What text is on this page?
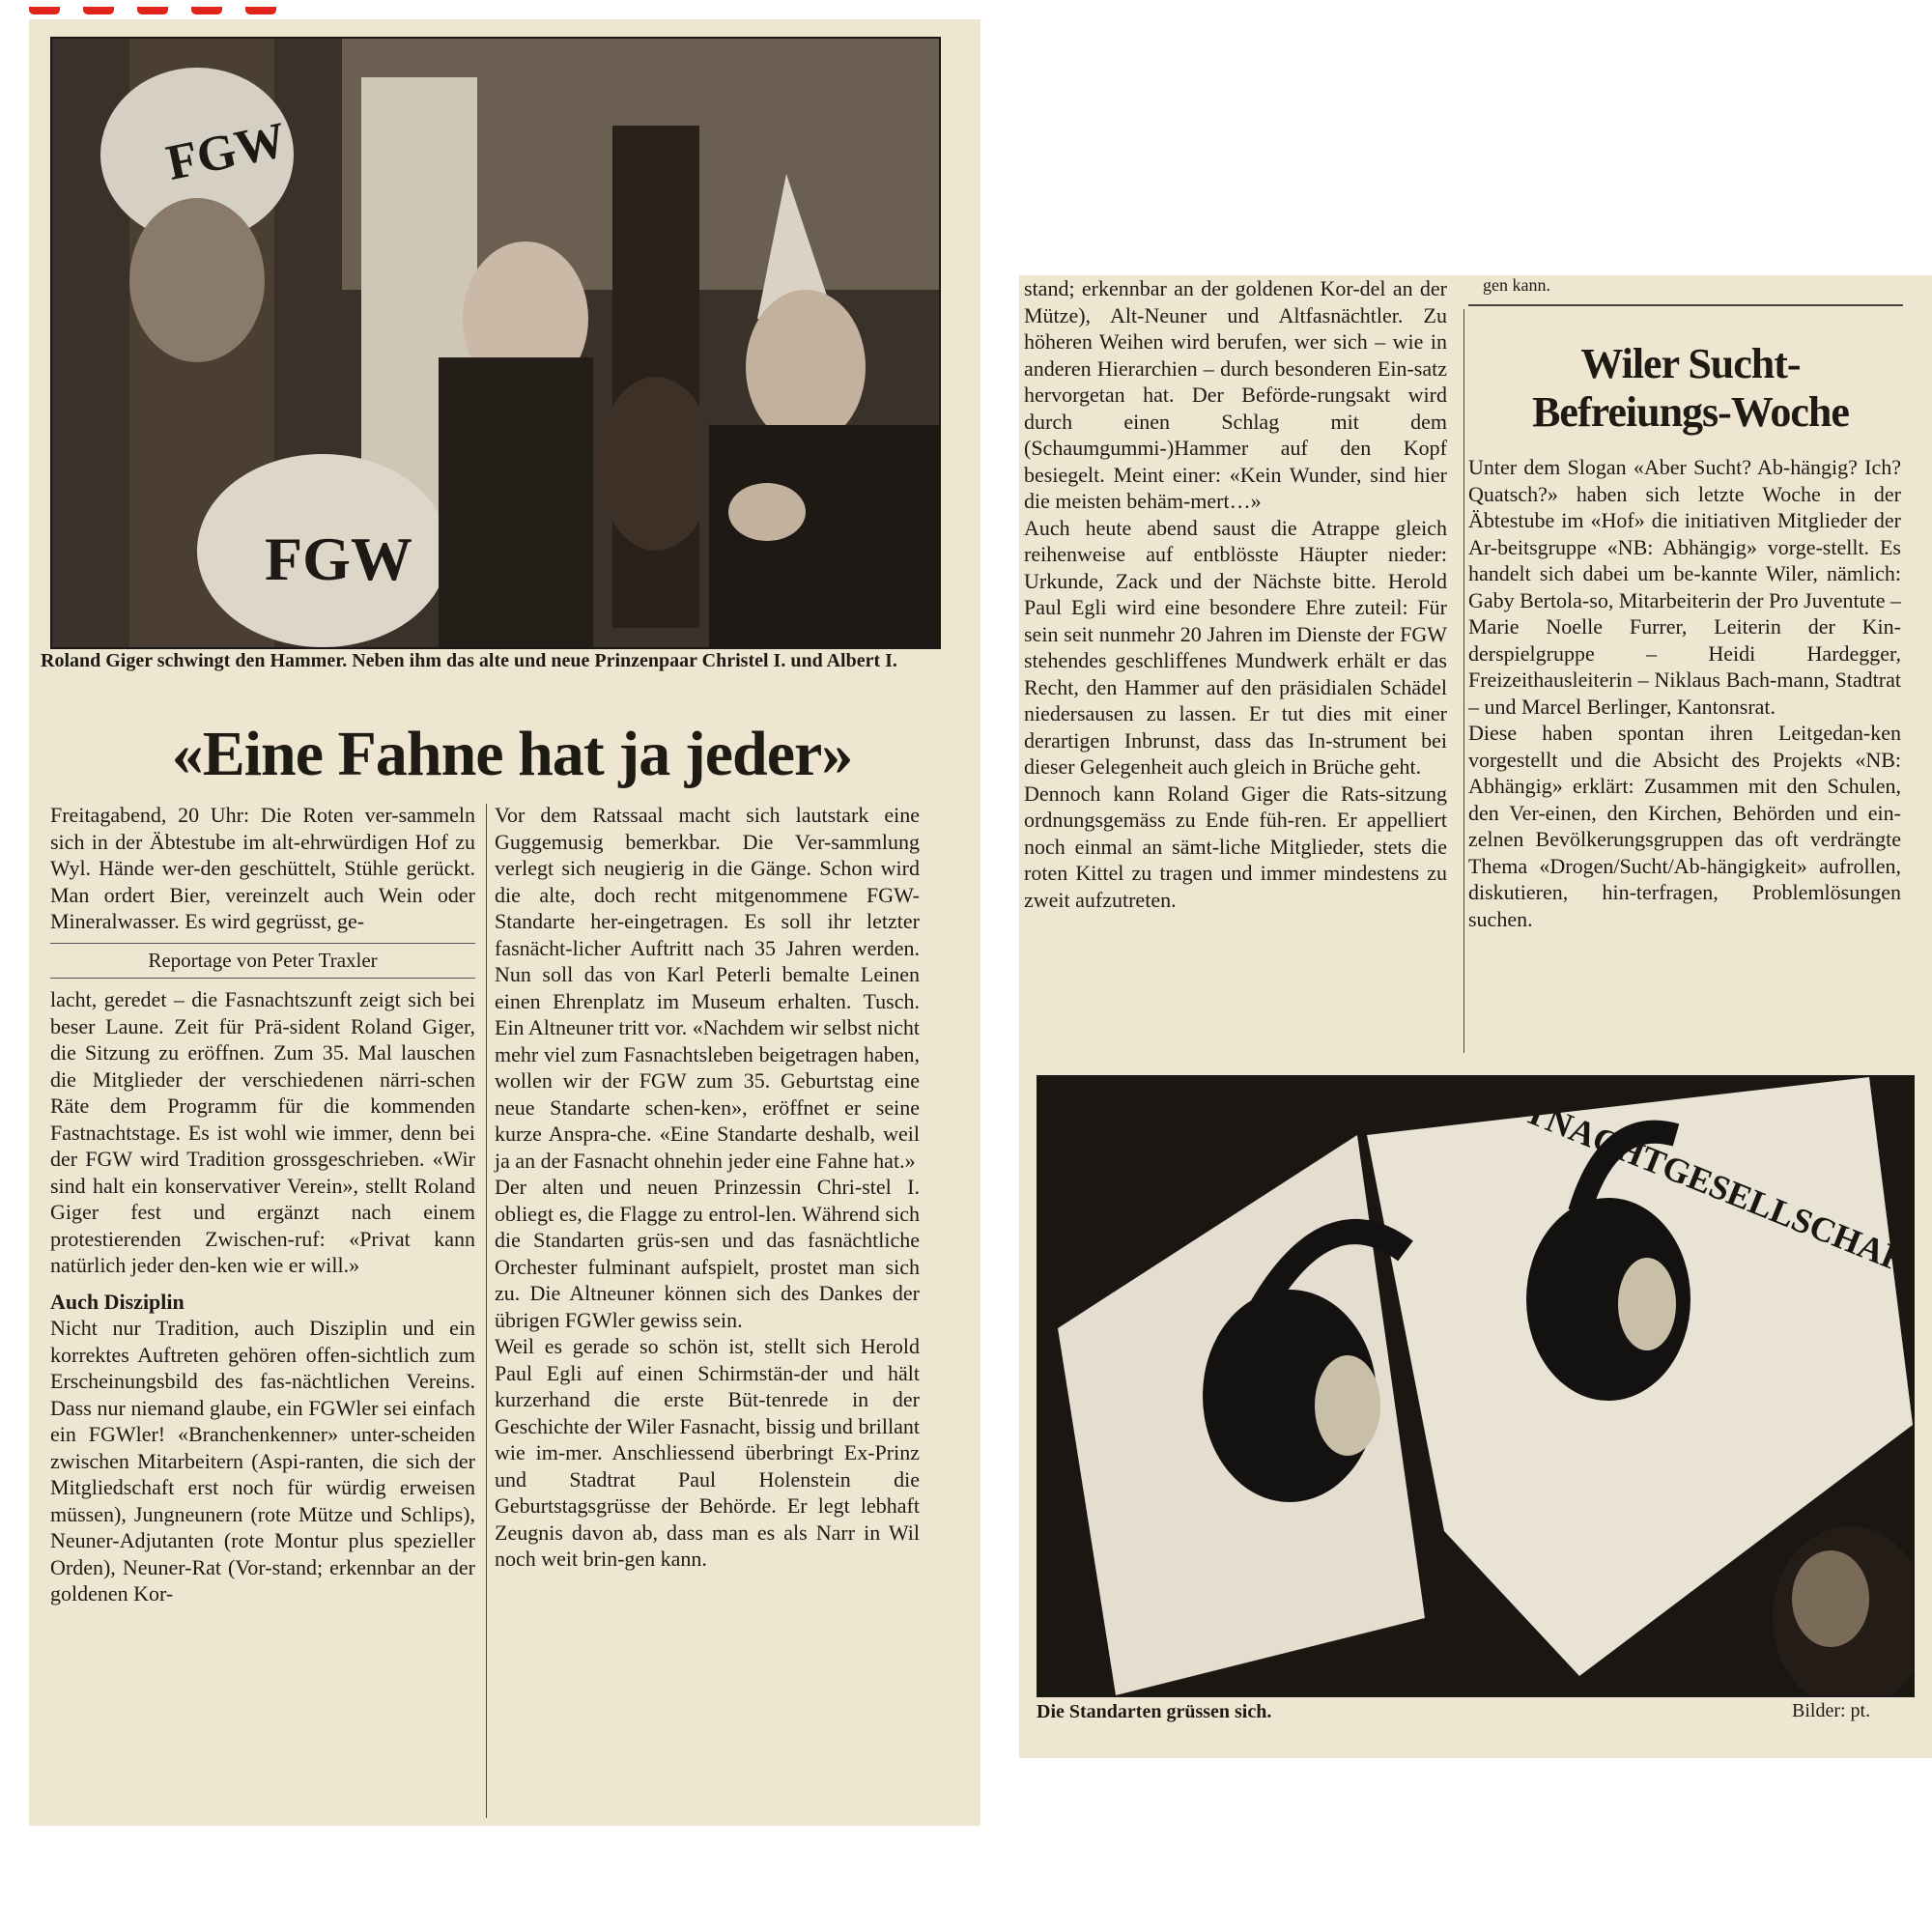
FGW
FGW
Roland Giger schwingt den Hammer. Neben ihm das alte und neue Prinzenpaar Christel I. und Albert I.
«Eine Fahne hat ja jeder»

Freitagabend, 20 Uhr: Die Roten ver-sammeln sich in der Äbtestube im alt-ehrwürdigen Hof zu Wyl. Hände wer-den geschüttelt, Stühle gerückt. Man ordert Bier, vereinzelt auch Wein oder Mineralwasser. Es wird gegrüsst, ge-

Reportage von Peter Traxler

lacht, geredet – die Fasnachtszunft zeigt sich bei beser Laune. Zeit für Prä-sident Roland Giger, die Sitzung zu eröffnen. Zum 35. Mal lauschen die Mitglieder der verschiedenen närri-schen Räte dem Programm für die kommenden Fastnachtstage. Es ist wohl wie immer, denn bei der FGW wird Tradition grossgeschrieben. «Wir sind halt ein konservativer Verein», stellt Roland Giger fest und ergänzt nach einem protestierenden Zwischen-ruf: «Privat kann natürlich jeder den-ken wie er will.»

Auch Disziplin

Nicht nur Tradition, auch Disziplin und ein korrektes Auftreten gehören offen-sichtlich zum Erscheinungsbild des fas-nächtlichen Vereins. Dass nur niemand glaube, ein FGWler sei einfach ein FGWler! «Branchenkenner» unter-scheiden zwischen Mitarbeitern (Aspi-ranten, die sich der Mitgliedschaft erst noch für würdig erweisen müssen), Jungneunern (rote Mütze und Schlips), Neuner-Adjutanten (rote Montur plus spezieller Orden), Neuner-Rat (Vor-stand; erkennbar an der goldenen Kor-

Vor dem Ratssaal macht sich lautstark eine Guggemusig bemerkbar. Die Ver-sammlung verlegt sich neugierig in die Gänge. Schon wird die alte, doch recht mitgenommene FGW-Standarte her-eingetragen. Es soll ihr letzter fasnächt-licher Auftritt nach 35 Jahren werden. Nun soll das von Karl Peterli bemalte Leinen einen Ehrenplatz im Museum erhalten. Tusch. Ein Altneuner tritt vor. «Nachdem wir selbst nicht mehr viel zum Fasnachtsleben beigetragen haben, wollen wir der FGW zum 35. Geburtstag eine neue Standarte schen-ken», eröffnet er seine kurze Anspra-che. «Eine Standarte deshalb, weil ja an der Fasnacht ohnehin jeder eine Fahne hat.»

Der alten und neuen Prinzessin Chri-stel I. obliegt es, die Flagge zu entrol-len. Während sich die Standarten grüs-sen und das fasnächtliche Orchester fulminant aufspielt, prostet man sich zu. Die Altneuner können sich des Dankes der übrigen FGWler gewiss sein.

Weil es gerade so schön ist, stellt sich Herold Paul Egli auf einen Schirmstän-der und hält kurzerhand die erste Büt-tenrede in der Geschichte der Wiler Fasnacht, bissig und brillant wie im-mer. Anschliessend überbringt Ex-Prinz und Stadtrat Paul Holenstein die Geburtstagsgrüsse der Behörde. Er legt lebhaft Zeugnis davon ab, dass man es als Narr in Wil noch weit brin-gen kann.

stand; erkennbar an der goldenen Kor-del an der Mütze), Alt-Neuner und Altfasnächtler. Zu höheren Weihen wird berufen, wer sich – wie in anderen Hierarchien – durch besonderen Ein-satz hervorgetan hat. Der Beförde-rungsakt wird durch einen Schlag mit dem (Schaumgummi-)Hammer auf den Kopf besiegelt. Meint einer: «Kein Wunder, sind hier die meisten behäm-mert…»

Auch heute abend saust die Atrappe gleich reihenweise auf entblösste Häupter nieder: Urkunde, Zack und der Nächste bitte. Herold Paul Egli wird eine besondere Ehre zuteil: Für sein seit nunmehr 20 Jahren im Dienste der FGW stehendes geschliffenes Mundwerk erhält er das Recht, den Hammer auf den präsidialen Schädel niedersausen zu lassen. Er tut dies mit einer derartigen Inbrunst, dass das In-strument bei dieser Gelegenheit auch gleich in Brüche geht.

Dennoch kann Roland Giger die Rats-sitzung ordnungsgemäss zu Ende füh-ren. Er appelliert noch einmal an sämt-liche Mitglieder, stets die roten Kittel zu tragen und immer mindestens zu zweit aufzutreten.

gen kann.
Wiler Sucht-
Befreiungs-Woche

Unter dem Slogan «Aber Sucht? Ab-hängig? Ich? Quatsch?» haben sich letzte Woche in der Äbtestube im «Hof» die initiativen Mitglieder der Ar-beitsgruppe «NB: Abhängig» vorge-stellt. Es handelt sich dabei um be-kannte Wiler, nämlich: Gaby Bertola-so, Mitarbeiterin der Pro Juventute – Marie Noelle Furrer, Leiterin der Kin-derspielgruppe – Heidi Hardegger, Freizeithausleiterin – Niklaus Bach-mann, Stadtrat – und Marcel Berlinger, Kantonsrat.

Diese haben spontan ihren Leitgedan-ken vorgestellt und die Absicht des Projekts «NB: Abhängig» erklärt: Zusammen mit den Schulen, den Ver-einen, den Kirchen, Behörden und ein-zelnen Bevölkerungsgruppen das oft verdrängte Thema «Drogen/Sucht/Ab-hängigkeit» aufrollen, diskutieren, hin-terfragen, Problemlösungen suchen.

Die Standarten grüssen sich.	Bilder: pt.
